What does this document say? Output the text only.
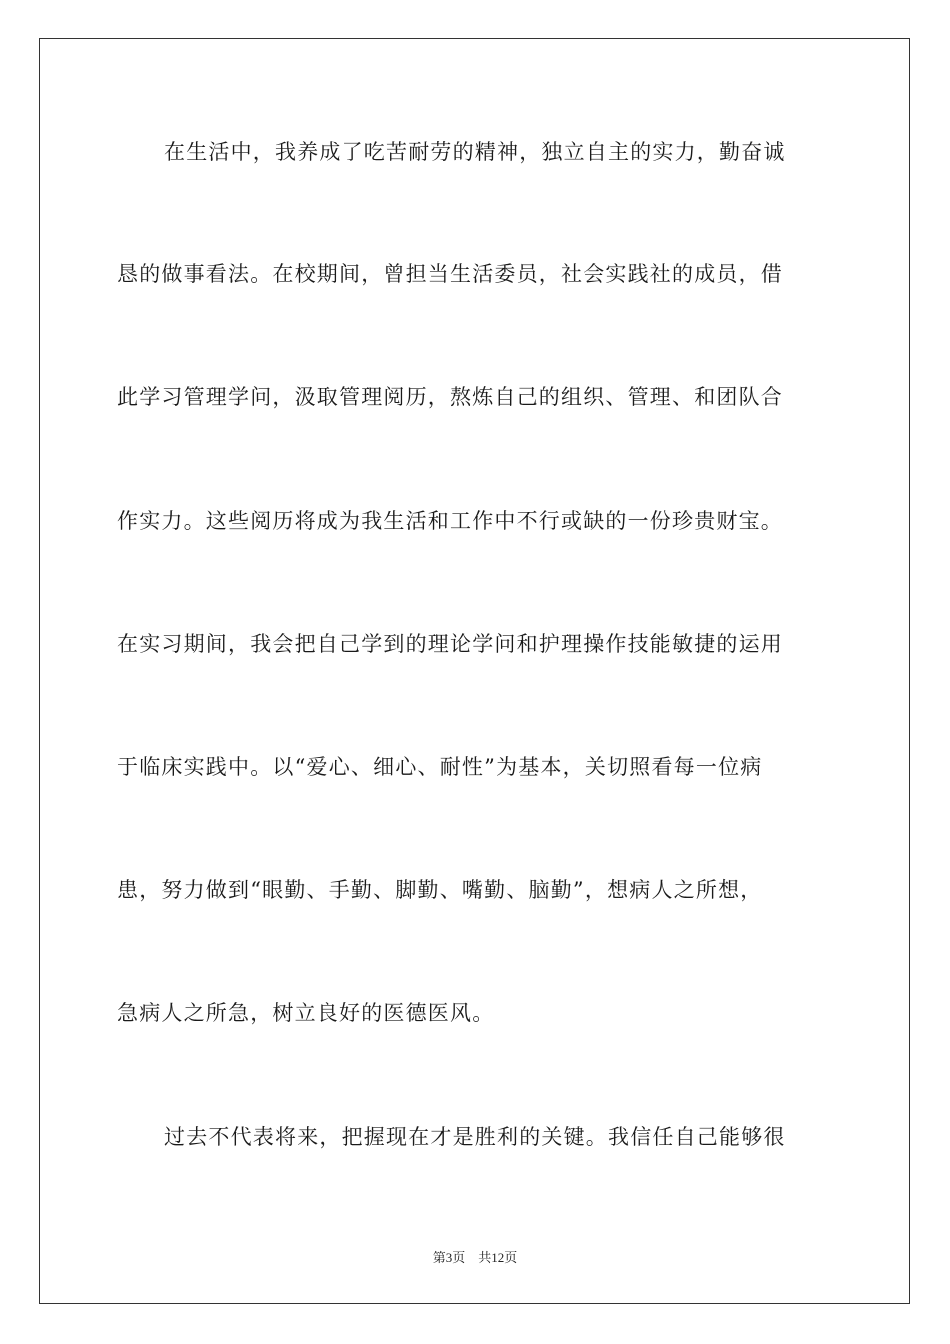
在生活中，我养成了吃苦耐劳的精神，独立自主的实力，勤奋诚
恳的做事看法。在校期间，曾担当生活委员，社会实践社的成员，借
此学习管理学问，汲取管理阅历，熬炼自己的组织、管理、和团队合
作实力。这些阅历将成为我生活和工作中不行或缺的一份珍贵财宝。
在实习期间，我会把自己学到的理论学问和护理操作技能敏捷的运用
于临床实践中。以“爱心、细心、耐性”为基本，关切照看每一位病
患，努力做到“眼勤、手勤、脚勤、嘴勤、脑勤”，想病人之所想，
急病人之所急，树立良好的医德医风。
过去不代表将来，把握现在才是胜利的关键。我信任自己能够很
第3页 共12页
